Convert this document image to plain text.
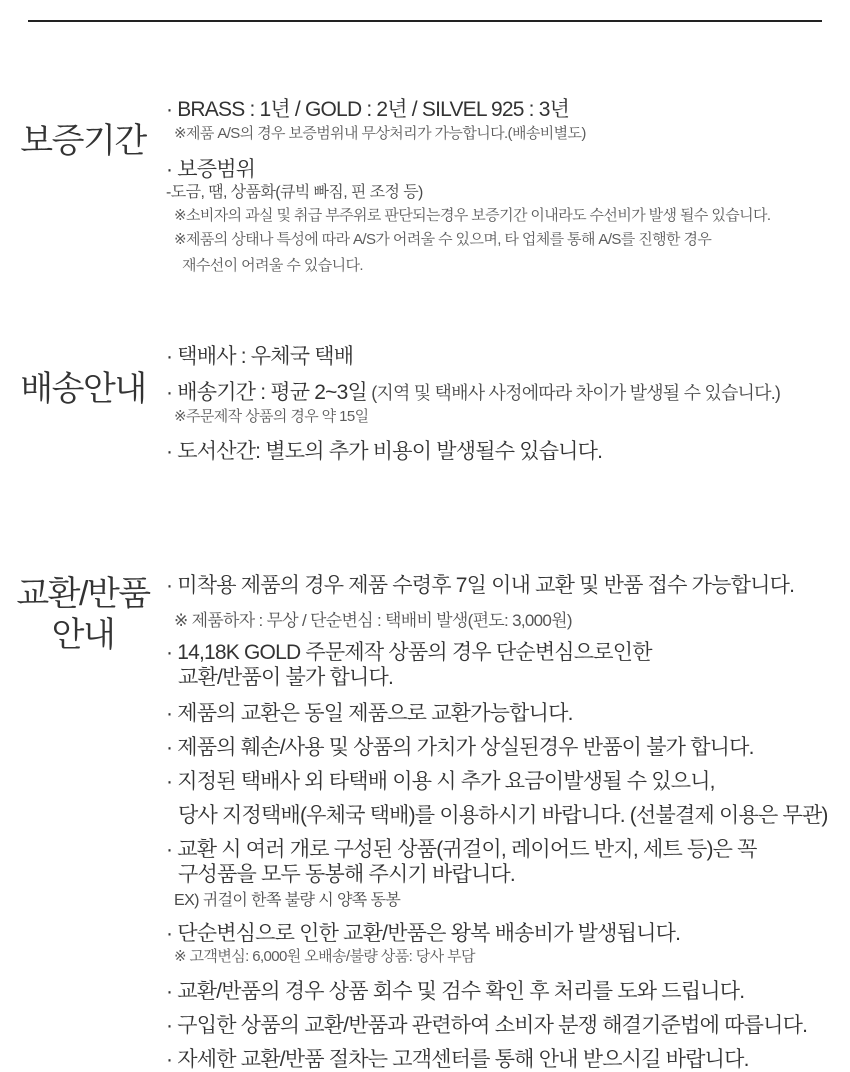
보증기간
· BRASS : 1년 / GOLD : 2년 / SILVEL 925 : 3년
※제품 A/S의 경우 보증범위내 무상처리가 가능합니다.(배송비별도)
· 보증범위
-도금, 땜, 상품화(큐빅 빠짐, 핀 조정 등)
※소비자의 과실 및 취급 부주위로 판단되는경우 보증기간 이내라도 수선비가 발생 될수 있습니다.
※제품의 상태나 특성에 따라 A/S가 어려울 수 있으며, 타 업체를 통해 A/S를 진행한 경우
재수선이 어려울 수 있습니다.
배송안내
· 택배사 : 우체국 택배
· 배송기간 : 평균 2~3일 (지역 및 택배사 사정에따라 차이가 발생될 수 있습니다.)
※주문제작 상품의 경우 약 15일
· 도서산간: 별도의 추가 비용이 발생될수 있습니다.
교환/반품
안내
· 미착용 제품의 경우 제품 수령후 7일 이내 교환 및 반품 접수 가능합니다.
※ 제품하자 : 무상 / 단순변심 : 택배비 발생(편도: 3,000원)
· 14,18K GOLD 주문제작 상품의 경우 단순변심으로인한
교환/반품이 불가 합니다.
· 제품의 교환은 동일 제품으로 교환가능합니다.
· 제품의 훼손/사용 및 상품의 가치가 상실된경우 반품이 불가 합니다.
· 지정된 택배사 외 타택배 이용 시 추가 요금이발생될 수 있으니,
당사 지정택배(우체국 택배)를 이용하시기 바랍니다. (선불결제 이용은 무관)
· 교환 시 여러 개로 구성된 상품(귀걸이, 레이어드 반지, 세트 등)은 꼭
구성품을 모두 동봉해 주시기 바랍니다.
EX) 귀걸이 한쪽 불량 시 양쪽 동봉
· 단순변심으로 인한 교환/반품은 왕복 배송비가 발생됩니다.
※ 고객변심: 6,000원 오배송/불량 상품: 당사 부담
· 교환/반품의 경우 상품 회수 및 검수 확인 후 처리를 도와 드립니다.
· 구입한 상품의 교환/반품과 관련하여 소비자 분쟁 해결기준법에 따릅니다.
· 자세한 교환/반품 절차는 고객센터를 통해 안내 받으시길 바랍니다.
